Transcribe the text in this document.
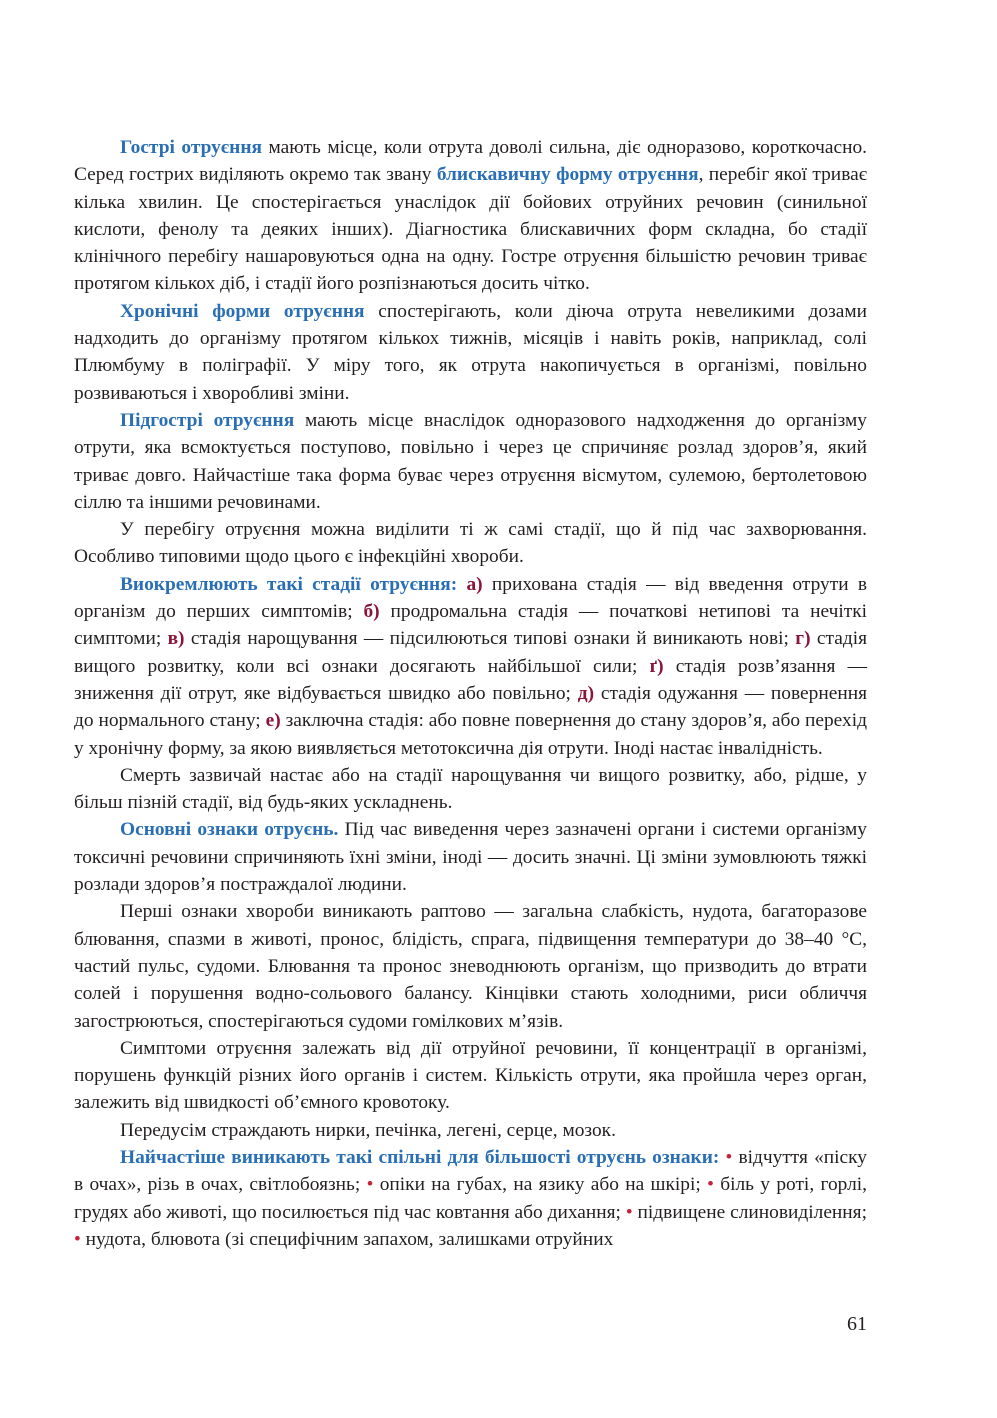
Гострі отруєння мають місце, коли отрута доволі сильна, діє одноразово, короткочасно. Серед гострих виділяють окремо так звану блискавичну форму отруєння, перебіг якої триває кілька хвилин. Це спостерігається унаслідок дії бойових отруйних речовин (синильної кислоти, фенолу та деяких інших). Діагностика блискавичних форм складна, бо стадії клінічного перебігу нашаровуються одна на одну. Гостре отруєння більшістю речовин триває протягом кількох діб, і стадії його розпізнаються досить чітко.

Хронічні форми отруєння спостерігають, коли діюча отрута невеликими дозами надходить до організму протягом кількох тижнів, місяців і навіть років, наприклад, солі Плюмбуму в поліграфії. У міру того, як отрута накопичується в організмі, повільно розвиваються і хворобливі зміни.

Підгострі отруєння мають місце внаслідок одноразового надходження до організму отрути, яка всмоктується поступово, повільно і через це спричиняє розлад здоров’я, який триває довго. Найчастіше така форма буває через отруєння вісмутом, сулемою, бертолетовою сіллю та іншими речовинами.

У перебігу отруєння можна виділити ті ж самі стадії, що й під час захворювання. Особливо типовими щодо цього є інфекційні хвороби.

Виокремлюють такі стадії отруєння: а) прихована стадія — від введення отрути в організм до перших симптомів; б) продромальна стадія — початкові нетипові та нечіткі симптоми; в) стадія нарощування — підсилюються типові ознаки й виникають нові; г) стадія вищого розвитку, коли всі ознаки досягають найбільшої сили; ґ) стадія розв’язання — зниження дії отрут, яке відбувається швидко або повільно; д) стадія одужання — повернення до нормального стану; е) заключна стадія: або повне повернення до стану здоров’я, або перехід у хронічну форму, за якою виявляється метотоксична дія отрути. Іноді настає інвалідність.

Смерть зазвичай настає або на стадії нарощування чи вищого розвитку, або, рідше, у більш пізній стадії, від будь-яких ускладнень.

Основні ознаки отруєнь. Під час виведення через зазначені органи і системи організму токсичні речовини спричиняють їхні зміни, іноді — досить значні. Ці зміни зумовлюють тяжкі розлади здоров’я постраждалої людини.

Перші ознаки хвороби виникають раптово — загальна слабкість, нудота, багаторазове блювання, спазми в животі, пронос, блідість, спрага, підвищення температури до 38–40 °С, частий пульс, судоми. Блювання та пронос зневоднюють організм, що призводить до втрати солей і порушення водно-сольового балансу. Кінцівки стають холодними, риси обличчя загострюються, спостерігаються судоми гомілкових м’язів.

Симптоми отруєння залежать від дії отруйної речовини, її концентрації в організмі, порушень функцій різних його органів і систем. Кількість отрути, яка пройшла через орган, залежить від швидкості об’ємного кровотоку.

Передусім страждають нирки, печінка, легені, серце, мозок.

Найчастіше виникають такі спільні для більшості отруєнь ознаки: • відчуття «піску в очах», різь в очах, світлобоязнь; • опіки на губах, на язику або на шкірі; • біль у роті, горлі, грудях або животі, що посилюється під час ковтання або дихання; • підвищене слиновиділення; • нудота, блювота (зі специфічним запахом, залишками отруйних

61
